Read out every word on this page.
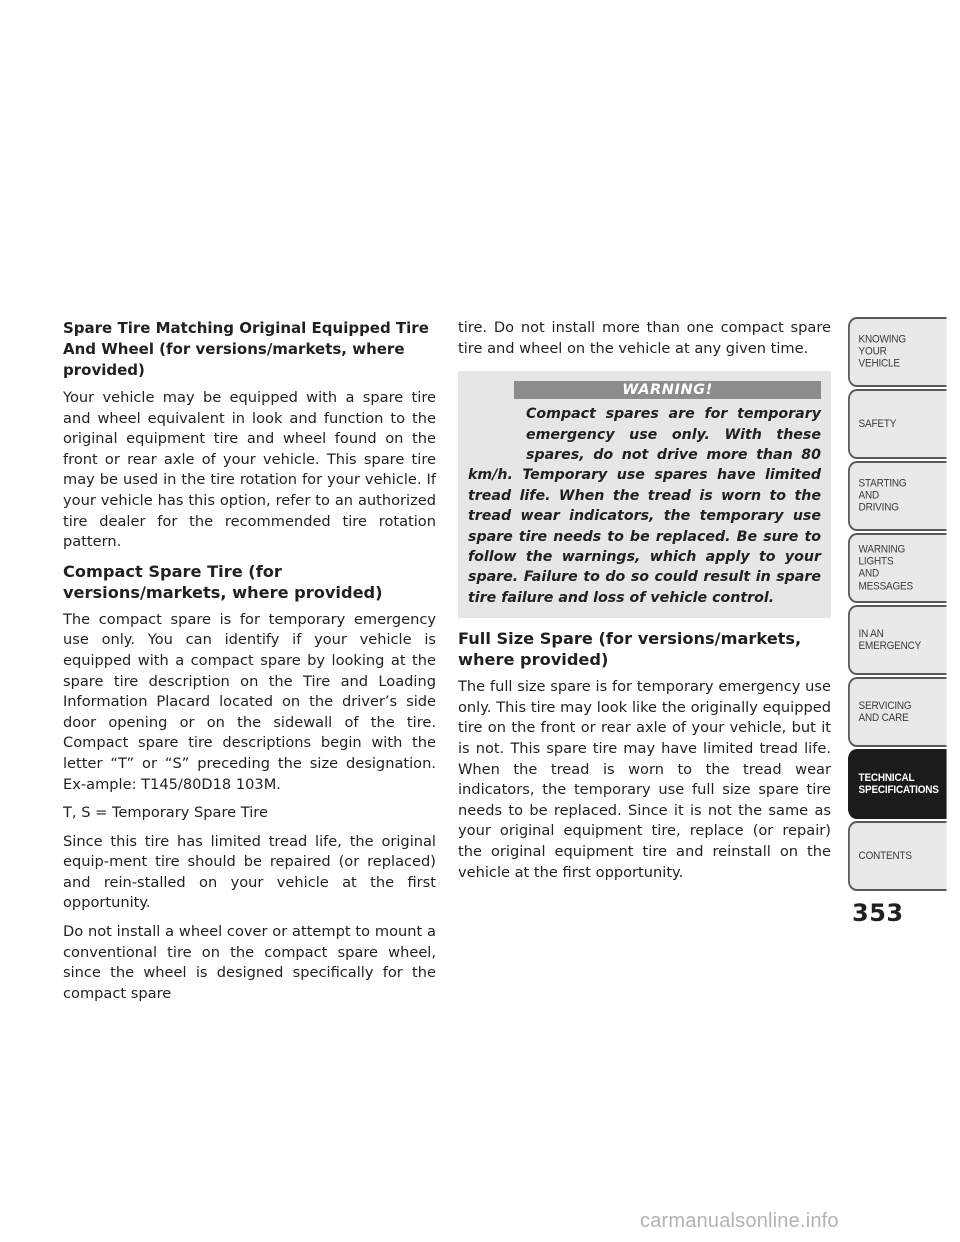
Spare Tire Matching Original Equipped Tire And Wheel (for versions/markets, where provided)

Your vehicle may be equipped with a spare tire and wheel equivalent in look and function to the original equipment tire and wheel found on the front or rear axle of your vehicle. This spare tire may be used in the tire rotation for your vehicle. If your vehicle has this option, refer to an authorized tire dealer for the recommended tire rotation pattern.

Compact Spare Tire (for versions/markets, where provided)

The compact spare is for temporary emergency use only. You can identify if your vehicle is equipped with a compact spare by looking at the spare tire description on the Tire and Loading Information Placard located on the driver’s side door opening or on the sidewall of the tire. Compact spare tire descriptions begin with the letter “T” or “S” preceding the size designation. Ex-ample: T145/80D18 103M.

T, S = Temporary Spare Tire

Since this tire has limited tread life, the original equip-ment tire should be repaired (or replaced) and rein-stalled on your vehicle at the first opportunity.

Do not install a wheel cover or attempt to mount a conventional tire on the compact spare wheel, since the wheel is designed specifically for the compact spare

tire. Do not install more than one compact spare tire and wheel on the vehicle at any given time.

WARNING!
Compact spares are for temporary emergency use only. With these spares, do not drive more than 80 km/h. Temporary use spares have limited tread life. When the tread is worn to the tread wear indicators, the temporary use spare tire needs to be replaced. Be sure to follow the warnings, which apply to your spare. Failure to do so could result in spare tire failure and loss of vehicle control.
Full Size Spare (for versions/markets, where provided)

The full size spare is for temporary emergency use only. This tire may look like the originally equipped tire on the front or rear axle of your vehicle, but it is not. This spare tire may have limited tread life. When the tread is worn to the tread wear indicators, the temporary use full size spare tire needs to be replaced. Since it is not the same as your original equipment tire, replace (or repair) the original equipment tire and reinstall on the vehicle at the first opportunity.

KNOWING
YOUR
VEHICLE
SAFETY
STARTING
AND
DRIVING
WARNING
LIGHTS
AND
MESSAGES
IN AN
EMERGENCY
SERVICING
AND CARE
TECHNICAL
SPECIFICATIONS
CONTENTS
353
carmanualsonline.info
